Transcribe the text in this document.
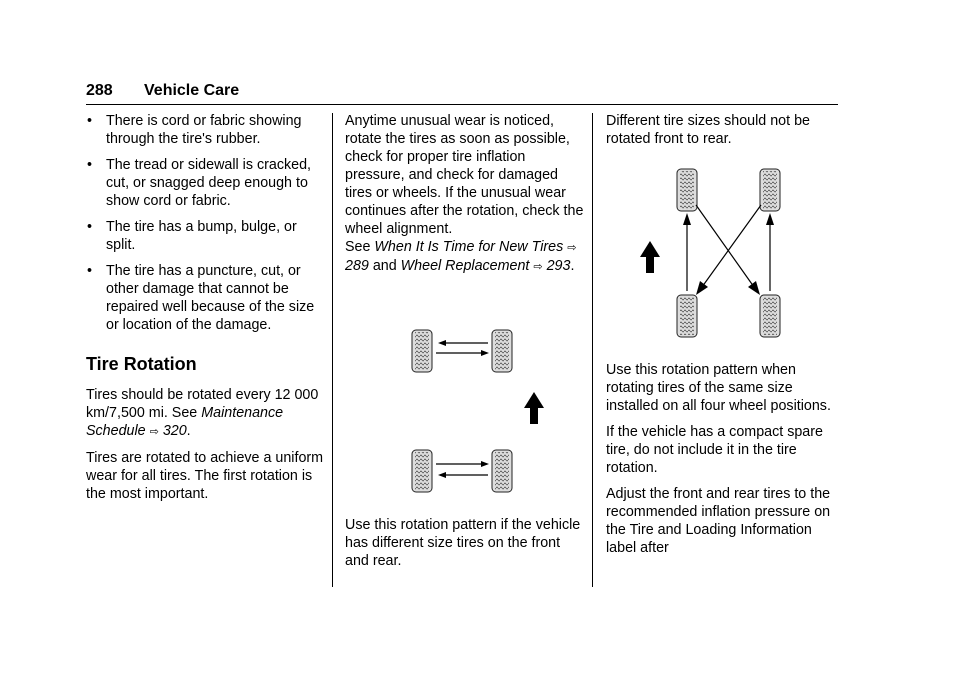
288 Vehicle Care
• There is cord or fabric showing through the tire's rubber.
• The tread or sidewall is cracked, cut, or snagged deep enough to show cord or fabric.
• The tire has a bump, bulge, or split.
• The tire has a puncture, cut, or other damage that cannot be repaired well because of the size or location of the damage.
Tire Rotation

Tires should be rotated every 12 000 km/7,500 mi. See Maintenance Schedule ⇨ 320.

Tires are rotated to achieve a uniform wear for all tires. The first rotation is the most important.

Anytime unusual wear is noticed, rotate the tires as soon as possible, check for proper tire inflation pressure, and check for damaged tires or wheels. If the unusual wear continues after the rotation, check the wheel alignment.

See When It Is Time for New Tires ⇨ 289 and Wheel Replacement ⇨ 293.

Use this rotation pattern if the vehicle has different size tires on the front and rear.

Different tire sizes should not be rotated front to rear.

Use this rotation pattern when rotating tires of the same size installed on all four wheel positions.

If the vehicle has a compact spare tire, do not include it in the tire rotation.

Adjust the front and rear tires to the recommended inflation pressure on the Tire and Loading Information label after
